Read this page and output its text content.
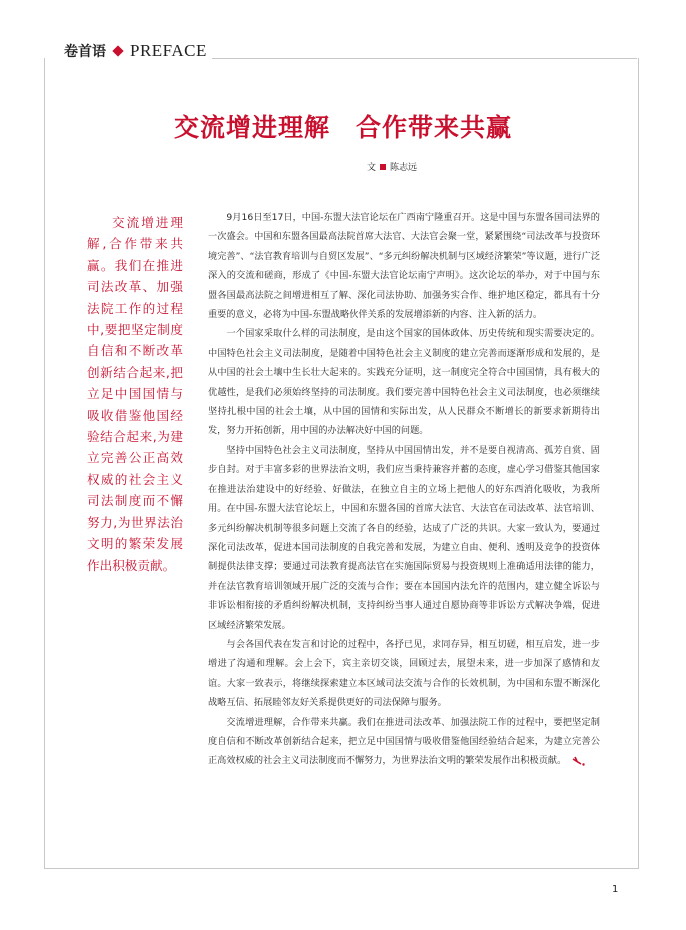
卷首语 PREFACE
交流增进理解 合作带来共赢
文 陈志远
交流增进理解,合作带来共赢。我们在推进司法改革、加强法院工作的过程中,要把坚定制度自信和不断改革创新结合起来,把立足中国国情与吸收借鉴他国经验结合起来,为建立完善公正高效权威的社会主义司法制度而不懈努力,为世界法治文明的繁荣发展作出积极贡献。

9月16日至17日，中国-东盟大法官论坛在广西南宁隆重召开。这是中国与东盟各国司法界的一次盛会。中国和东盟各国最高法院首席大法官、大法官会聚一堂，紧紧围绕“司法改革与投资环境完善”、“法官教育培训与自贸区发展”、“多元纠纷解决机制与区域经济繁荣”等议题，进行广泛深入的交流和磋商，形成了《中国-东盟大法官论坛南宁声明》。这次论坛的举办，对于中国与东盟各国最高法院之间增进相互了解、深化司法协助、加强务实合作、维护地区稳定，都具有十分重要的意义，必将为中国-东盟战略伙伴关系的发展增添新的内容、注入新的活力。

一个国家采取什么样的司法制度，是由这个国家的国体政体、历史传统和现实需要决定的。中国特色社会主义司法制度，是随着中国特色社会主义制度的建立完善而逐渐形成和发展的，是从中国的社会土壤中生长壮大起来的。实践充分证明，这一制度完全符合中国国情，具有极大的优越性，是我们必须始终坚持的司法制度。我们要完善中国特色社会主义司法制度，也必须继续坚持扎根中国的社会土壤，从中国的国情和实际出发，从人民群众不断增长的新要求新期待出发，努力开拓创新，用中国的办法解决好中国的问题。

坚持中国特色社会主义司法制度，坚持从中国国情出发，并不是要自视清高、孤芳自赏、固步自封。对于丰富多彩的世界法治文明，我们应当秉持兼容并蓄的态度，虚心学习借鉴其他国家在推进法治建设中的好经验、好做法，在独立自主的立场上把他人的好东西消化吸收，为我所用。在中国-东盟大法官论坛上，中国和东盟各国的首席大法官、大法官在司法改革、法官培训、多元纠纷解决机制等很多问题上交流了各自的经验，达成了广泛的共识。大家一致认为，要通过深化司法改革，促进本国司法制度的自我完善和发展，为建立自由、便利、透明及竞争的投资体制提供法律支撑；要通过司法教育提高法官在实施国际贸易与投资规则上准确适用法律的能力，并在法官教育培训领域开展广泛的交流与合作；要在本国国内法允许的范围内，建立健全诉讼与非诉讼相衔接的矛盾纠纷解决机制，支持纠纷当事人通过自愿协商等非诉讼方式解决争端，促进区域经济繁荣发展。

与会各国代表在发言和讨论的过程中，各抒已见，求同存异，相互切磋，相互启发，进一步增进了沟通和理解。会上会下，宾主亲切交谈，回顾过去，展望未来，进一步加深了感情和友谊。大家一致表示，将继续探索建立本区域司法交流与合作的长效机制，为中国和东盟不断深化战略互信、拓展睦邻友好关系提供更好的司法保障与服务。

交流增进理解，合作带来共赢。我们在推进司法改革、加强法院工作的过程中，要把坚定制度自信和不断改革创新结合起来，把立足中国国情与吸收借鉴他国经验结合起来，为建立完善公正高效权威的社会主义司法制度而不懈努力，为世界法治文明的繁荣发展作出积极贡献。

1
